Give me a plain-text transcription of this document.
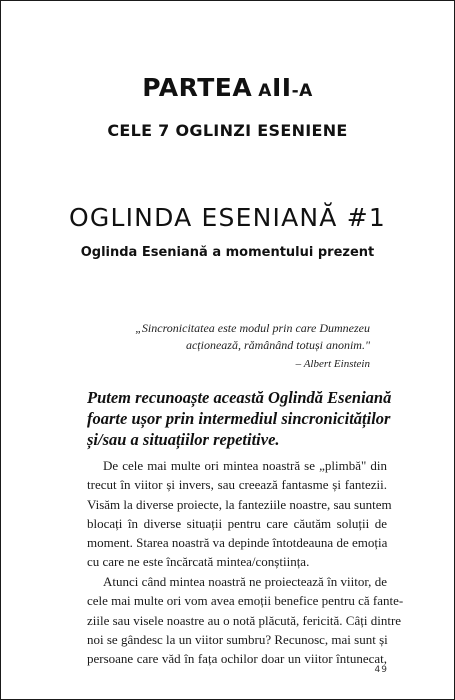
PARTEA AII-A
CELE 7 OGLINZI ESENIENE
OGLINDA ESENIANĂ #1
Oglinda Eseniană a momentului prezent
„Sincronicitatea este modul prin care Dumnezeu
acționează, rămânând totuși anonim."
– Albert Einstein
Putem recunoaște această Oglindă Eseniană
foarte ușor prin intermediul sincronicităților
și/sau a situațiilor repetitive.
De cele mai multe ori mintea noastră se „plimbă" din
trecut în viitor și invers, sau creează fantasme și fantezii.
Visăm la diverse proiecte, la fanteziile noastre, sau suntem
blocați în diverse situații pentru care căutăm soluții de
moment. Starea noastră va depinde întotdeauna de emoția
cu care ne este încărcată mintea/conștiința.
Atunci când mintea noastră ne proiectează în viitor, de
cele mai multe ori vom avea emoții benefice pentru că fante-
ziile sau visele noastre au o notă plăcută, fericită. Câți dintre
noi se gândesc la un viitor sumbru? Recunosc, mai sunt și
persoane care văd în fața ochilor doar un viitor întunecat,
49
